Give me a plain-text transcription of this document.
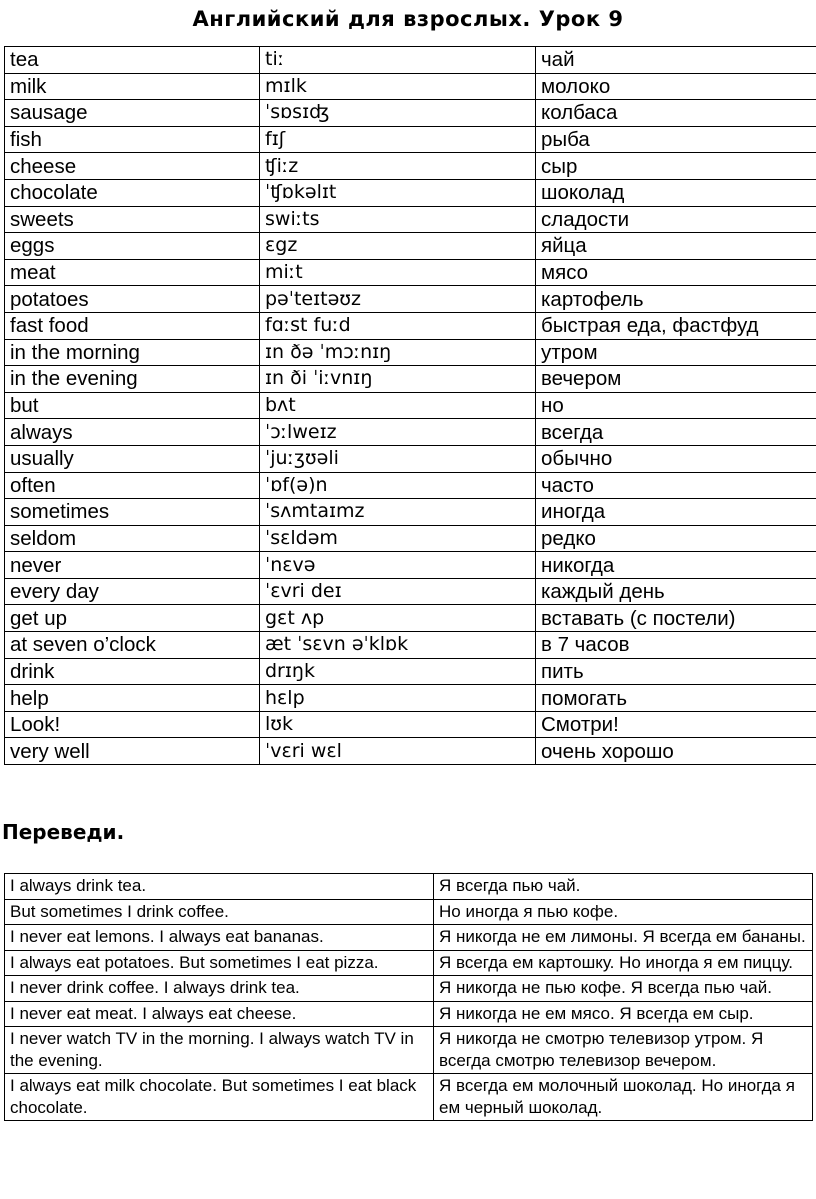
Английский для взрослых. Урок 9
tea	tiː	чай
milk	mɪlk	молоко
sausage	ˈsɒsɪʤ	колбаса
fish	fɪʃ	рыба
cheese	ʧiːz	сыр
chocolate	ˈʧɒkəlɪt	шоколад
sweets	swiːts	сладости
eggs	ɛgz	яйца
meat	miːt	мясо
potatoes	pəˈteɪtəʊz	картофель
fast food	fɑːst fuːd	быстрая еда, фастфуд
in the morning	ɪn ðə ˈmɔːnɪŋ	утром
in the evening	ɪn ði ˈiːvnɪŋ	вечером
but	bʌt	но
always	ˈɔːlweɪz	всегда
usually	ˈjuːʒʊəli	обычно
often	ˈɒf(ə)n	часто
sometimes	ˈsʌmtaɪmz	иногда
seldom	ˈsɛldəm	редко
never	ˈnɛvə	никогда
every day	ˈɛvri deɪ	каждый день
get up	gɛt ʌp	вставать (с постели)
at seven o’clock	æt ˈsɛvn əˈklɒk	в 7 часов
drink	drɪŋk	пить
help	hɛlp	помогать
Look!	lʊk	Смотри!
very well	ˈvɛri wɛl	очень хорошо
Переведи.
I always drink tea.	Я всегда пью чай.
But sometimes I drink coffee.	Но иногда я пью кофе.
I never eat lemons. I always eat bananas.	Я никогда не ем лимоны. Я всегда ем бананы.
I always eat potatoes. But sometimes I eat pizza.	Я всегда ем картошку. Но иногда я ем пиццу.
I never drink coffee. I always drink tea.	Я никогда не пью кофе. Я всегда пью чай.
I never eat meat. I always eat cheese.	Я никогда не ем мясо. Я всегда ем сыр.
I never watch TV in the morning. I always watch TV in the evening.	Я никогда не смотрю телевизор утром. Я всегда смотрю телевизор вечером.
I always eat milk chocolate. But sometimes I eat black chocolate.	Я всегда ем молочный шоколад. Но иногда я ем черный шоколад.
